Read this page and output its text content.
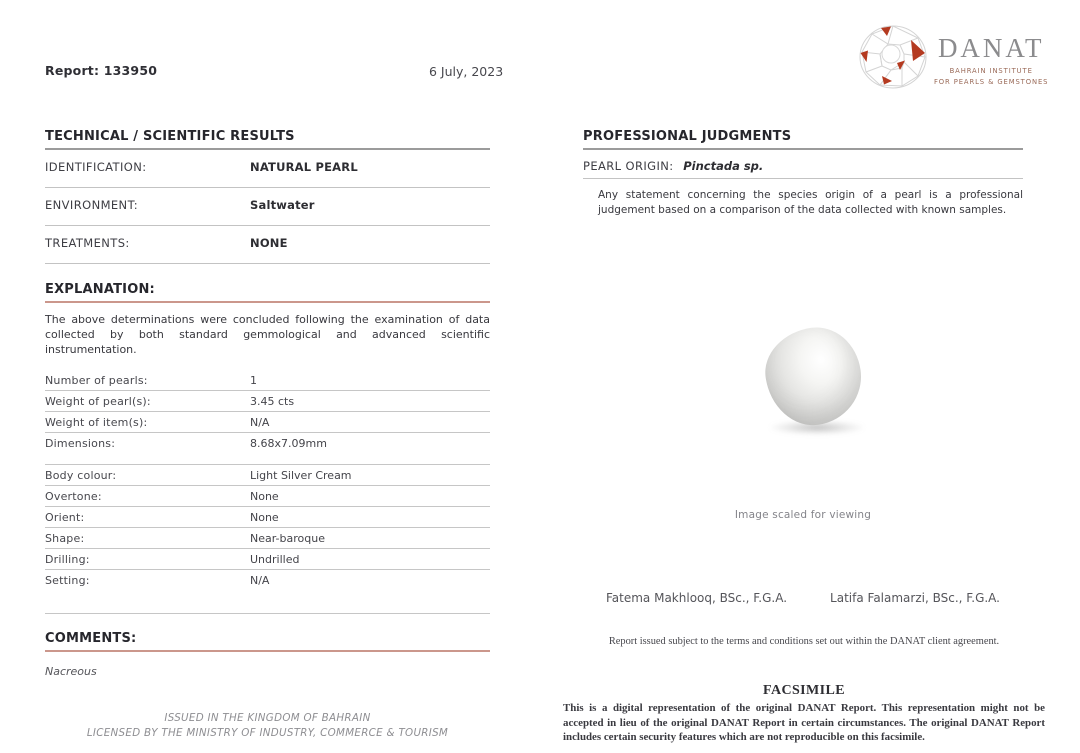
Report: 133950	6 July, 2023
DANAT
BAHRAIN INSTITUTE
FOR PEARLS & GEMSTONES
TECHNICAL / SCIENTIFIC RESULTS
IDENTIFICATION:	NATURAL PEARL
ENVIRONMENT:	Saltwater
TREATMENTS:	NONE
EXPLANATION:
The above determinations were concluded following the examination of data collected by both standard gemmological and advanced scientific instrumentation.
Number of pearls:	1
Weight of pearl(s):	3.45 cts
Weight of item(s):	N/A
Dimensions:	8.68x7.09mm
Body colour:	Light Silver Cream
Overtone:	None
Orient:	None
Shape:	Near-baroque
Drilling:	Undrilled
Setting:	N/A
COMMENTS:
Nacreous
PROFESSIONAL JUDGMENTS
PEARL ORIGIN: Pinctada sp.
Any statement concerning the species origin of a pearl is a professional judgement based on a comparison of the data collected with known samples.
Image scaled for viewing
Fatema Makhlooq, BSc., F.G.A.	Latifa Falamarzi, BSc., F.G.A.
Report issued subject to the terms and conditions set out within the DANAT client agreement.
FACSIMILE
This is a digital representation of the original DANAT Report. This representation might not be accepted in lieu of the original DANAT Report in certain circumstances. The original DANAT Report includes certain security features which are not reproducible on this facsimile.
ISSUED IN THE KINGDOM OF BAHRAIN
LICENSED BY THE MINISTRY OF INDUSTRY, COMMERCE & TOURISM
